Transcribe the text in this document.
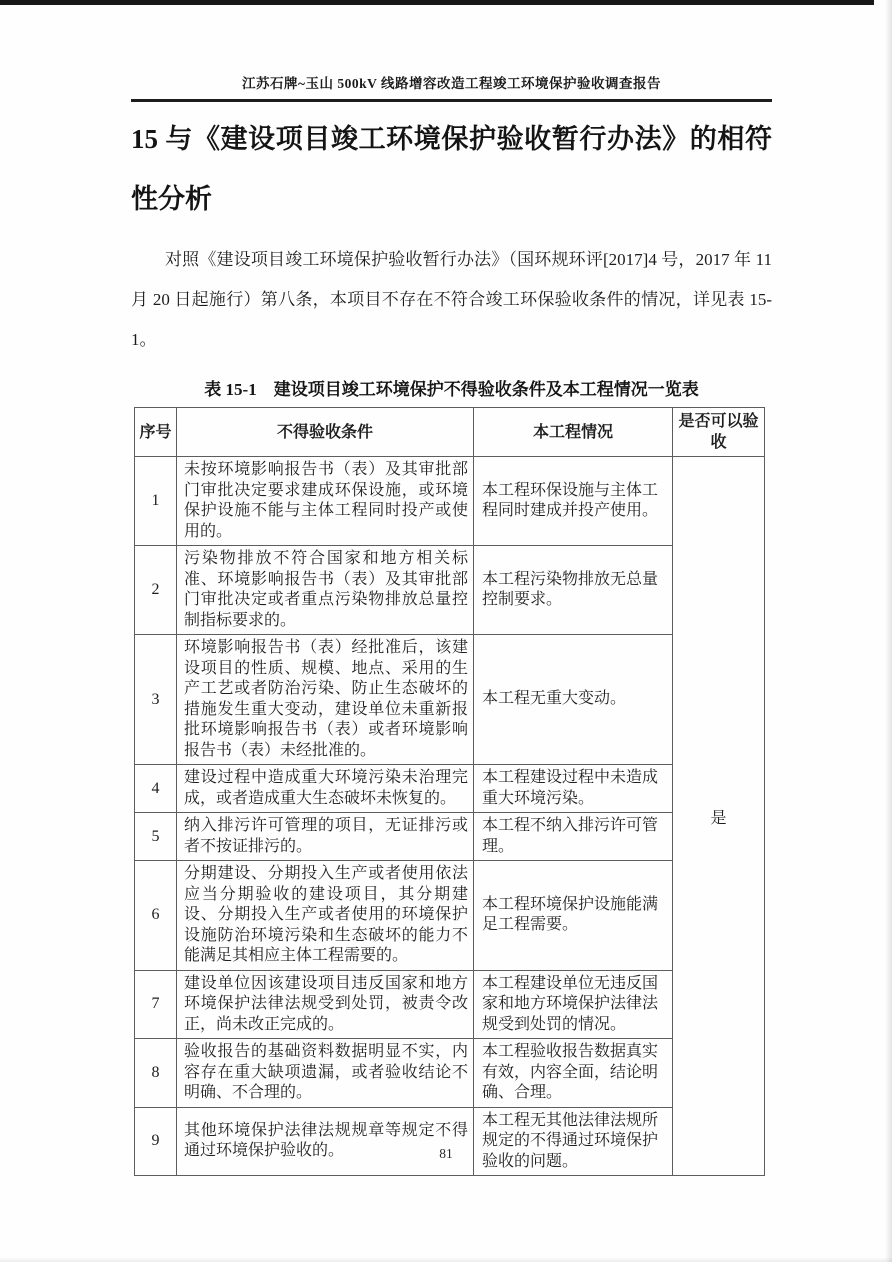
江苏石牌~玉山 500kV 线路增容改造工程竣工环境保护验收调查报告
15 与《建设项目竣工环境保护验收暂行办法》的相符性分析
对照《建设项目竣工环境保护验收暂行办法》（国环规环评[2017]4 号，2017 年 11 月 20 日起施行）第八条，本项目不存在不符合竣工环保验收条件的情况，详见表 15-1。
表 15-1　建设项目竣工环境保护不得验收条件及本工程情况一览表
序号	不得验收条件	本工程情况	是否可以验收
1	未按环境影响报告书（表）及其审批部门审批决定要求建成环保设施，或环境保护设施不能与主体工程同时投产或使用的。	本工程环保设施与主体工程同时建成并投产使用。	是
2	污染物排放不符合国家和地方相关标准、环境影响报告书（表）及其审批部门审批决定或者重点污染物排放总量控制指标要求的。	本工程污染物排放无总量控制要求。	
3	环境影响报告书（表）经批准后，该建设项目的性质、规模、地点、采用的生产工艺或者防治污染、防止生态破坏的措施发生重大变动，建设单位未重新报批环境影响报告书（表）或者环境影响报告书（表）未经批准的。	本工程无重大变动。	
4	建设过程中造成重大环境污染未治理完成，或者造成重大生态破坏未恢复的。	本工程建设过程中未造成重大环境污染。	
5	纳入排污许可管理的项目，无证排污或者不按证排污的。	本工程不纳入排污许可管理。	
6	分期建设、分期投入生产或者使用依法应当分期验收的建设项目，其分期建设、分期投入生产或者使用的环境保护设施防治环境污染和生态破坏的能力不能满足其相应主体工程需要的。	本工程环境保护设施能满足工程需要。	
7	建设单位因该建设项目违反国家和地方环境保护法律法规受到处罚，被责令改正，尚未改正完成的。	本工程建设单位无违反国家和地方环境保护法律法规受到处罚的情况。	
8	验收报告的基础资料数据明显不实，内容存在重大缺项遗漏，或者验收结论不明确、不合理的。	本工程验收报告数据真实有效，内容全面，结论明确、合理。	
9	其他环境保护法律法规规章等规定不得通过环境保护验收的。	本工程无其他法律法规所规定的不得通过环境保护验收的问题。	
81
